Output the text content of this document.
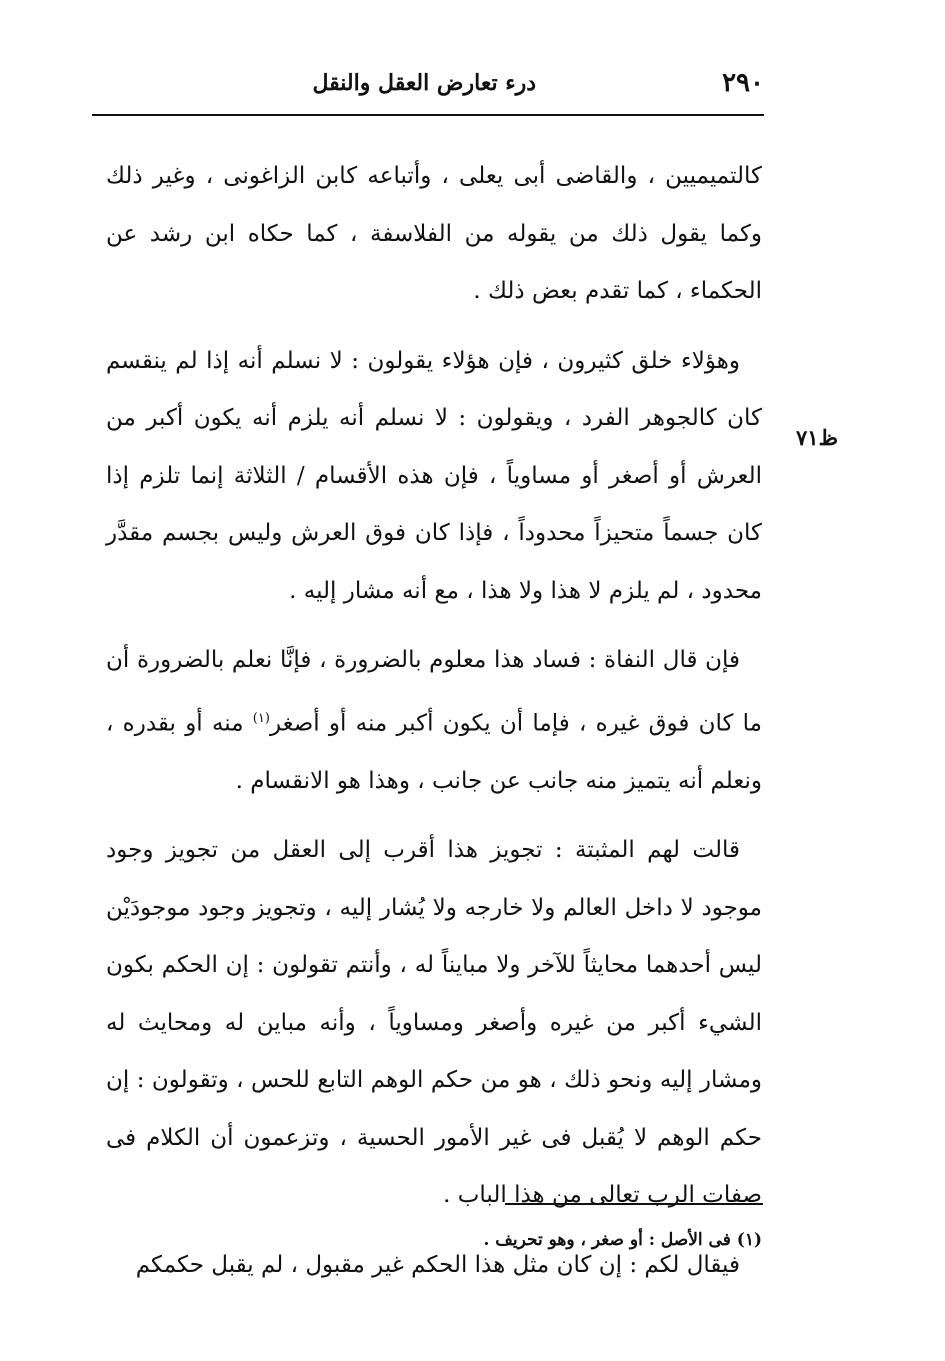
٢٩٠
درء تعارض العقل والنقل
ظ٧١

كالتميميين ، والقاضى أبى يعلى ، وأتباعه كابن الزاغونى ، وغير ذلك وكما يقول ذلك من يقوله من الفلاسفة ، كما حكاه ابن رشد عن الحكماء ، كما تقدم بعض ذلك .

وهؤلاء خلق كثيرون ، فإن هؤلاء يقولون : لا نسلم أنه إذا لم ينقسم كان كالجوهر الفرد ، ويقولون : لا نسلم أنه يلزم أنه يكون أكبر من العرش أو أصغر أو مساوياً ، فإن هذه الأقسام / الثلاثة إنما تلزم إذا كان جسماً متحيزاً محدوداً ، فإذا كان فوق العرش وليس بجسم مقدَّر محدود ، لم يلزم لا هذا ولا هذا ، مع أنه مشار إليه .

فإن قال النفاة : فساد هذا معلوم بالضرورة ، فإنَّا نعلم بالضرورة أن ما كان فوق غيره ، فإما أن يكون أكبر منه أو أصغر$^{(١)}$ منه أو بقدره ، ونعلم أنه يتميز منه جانب عن جانب ، وهذا هو الانقسام .

قالت لهم المثبتة : تجويز هذا أقرب إلى العقل من تجويز وجود موجود لا داخل العالم ولا خارجه ولا يُشار إليه ، وتجويز وجود موجودَيْن ليس أحدهما محايثاً للآخر ولا مبايناً له ، وأنتم تقولون : إن الحكم بكون الشيء أكبر من غيره وأصغر ومساوياً ، وأنه مباين له ومحايث له ومشار إليه ونحو ذلك ، هو من حكم الوهم التابع للحس ، وتقولون : إن حكم الوهم لا يُقبل فى غير الأمور الحسية ، وتزعمون أن الكلام فى صفات الرب تعالى من هذا الباب .

فيقال لكم : إن كان مثل هذا الحكم غير مقبول ، لم يقبل حكمكم

(١) فى الأصل : أو صغر ، وهو تحريف .
